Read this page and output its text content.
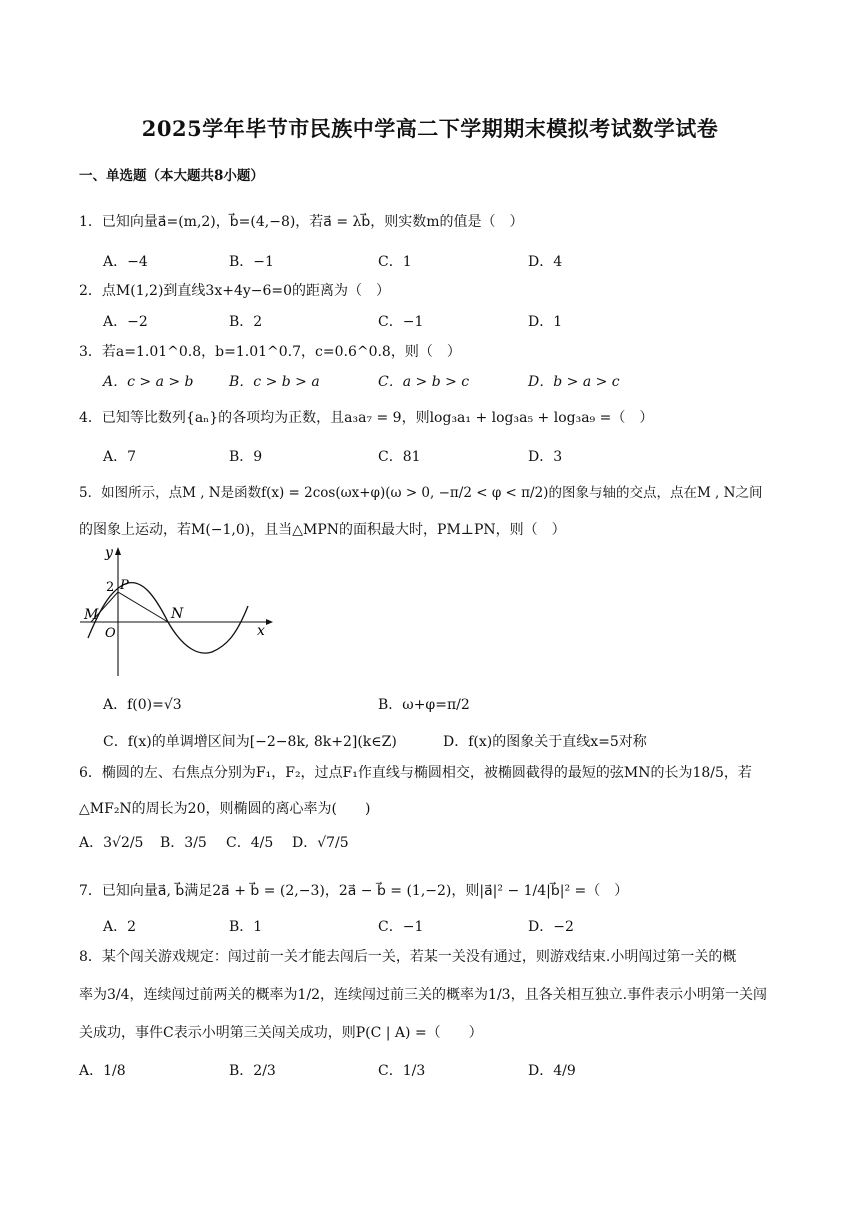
2025学年毕节市民族中学高二下学期期末模拟考试数学试卷
一、单选题（本大题共8小题）
1．已知向量a⃗=(m,2)，b⃗=(4,−8)，若a⃗ = λb⃗，则实数m的值是（　）
A．−4	B．−1	C．1	D．4
2．点M(1,2)到直线3x+4y−6=0的距离为（　）
A．−2	B．2	C．−1	D．1
3．若a=1.01^0.8，b=1.01^0.7，c=0.6^0.8，则（　）
A．c > a > b	B．c > b > a	C．a > b > c	D．b > a > c
4．已知等比数列{aₙ}的各项均为正数，且a₃a₇ = 9，则log₃a₁ + log₃a₅ + log₃a₉ =（　）
A．7	B．9	C．81	D．3
5．如图所示，点M , N是函数f(x) = 2cos(ωx+φ)(ω > 0, −π/2 < φ < π/2)的图象与轴的交点，点在M , N之间
的图象上运动，若M(−1,0)，且当△MPN的面积最大时，PM⊥PN，则（　）
y
x
2 P
M
O
N
A．f(0)=√3	B．ω+φ=π/2
C．f(x)的单调增区间为[−2−8k, 8k+2](k∈Z)	D．f(x)的图象关于直线x=5对称
6．椭圆的左、右焦点分别为F₁，F₂，过点F₁作直线与椭圆相交，被椭圆截得的最短的弦MN的长为18/5，若
△MF₂N的周长为20，则椭圆的离心率为(　　)
A．3√2/5 B．3/5 C．4/5 D．√7/5
7．已知向量a⃗, b⃗满足2a⃗ + b⃗ = (2,−3)，2a⃗ − b⃗ = (1,−2)，则|a⃗|² − 1/4|b⃗|² =（　）
A．2	B．1	C．−1	D．−2
8．某个闯关游戏规定：闯过前一关才能去闯后一关，若某一关没有通过，则游戏结束.小明闯过第一关的概
率为3/4，连续闯过前两关的概率为1/2，连续闯过前三关的概率为1/3，且各关相互独立.事件表示小明第一关闯
关成功，事件C表示小明第三关闯关成功，则P(C | A) =（　　）
A．1/8	B．2/3	C．1/3	D．4/9
